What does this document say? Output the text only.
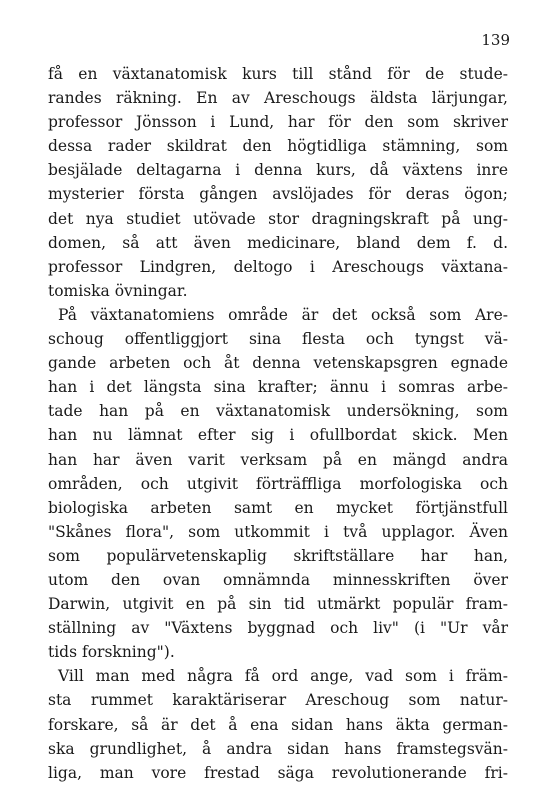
139
få en växtanatomisk kurs till stånd för de stude-
randes räkning. En av Areschougs äldsta lärjungar,
professor Jönsson i Lund, har för den som skriver
dessa rader skildrat den högtidliga stämning, som
besjälade deltagarna i denna kurs, då växtens inre
mysterier första gången avslöjades för deras ögon;
det nya studiet utövade stor dragningskraft på ung-
domen, så att även medicinare, bland dem f. d.
professor Lindgren, deltogo i Areschougs växtana-
tomiska övningar.
På växtanatomiens område är det också som Are-
schoug offentliggjort sina flesta och tyngst vä-
gande arbeten och åt denna vetenskapsgren egnade
han i det längsta sina krafter; ännu i somras arbe-
tade han på en växtanatomisk undersökning, som
han nu lämnat efter sig i ofullbordat skick. Men
han har även varit verksam på en mängd andra
områden, och utgivit förträffliga morfologiska och
biologiska arbeten samt en mycket förtjänstfull
"Skånes flora", som utkommit i två upplagor. Även
som populärvetenskaplig skriftställare har han,
utom den ovan omnämnda minnesskriften över
Darwin, utgivit en på sin tid utmärkt populär fram-
ställning av "Växtens byggnad och liv" (i "Ur vår
tids forskning").
Vill man med några få ord ange, vad som i främ-
sta rummet karaktäriserar Areschoug som natur-
forskare, så är det å ena sidan hans äkta german-
ska grundlighet, å andra sidan hans framstegsvän-
liga, man vore frestad säga revolutionerande fri-
